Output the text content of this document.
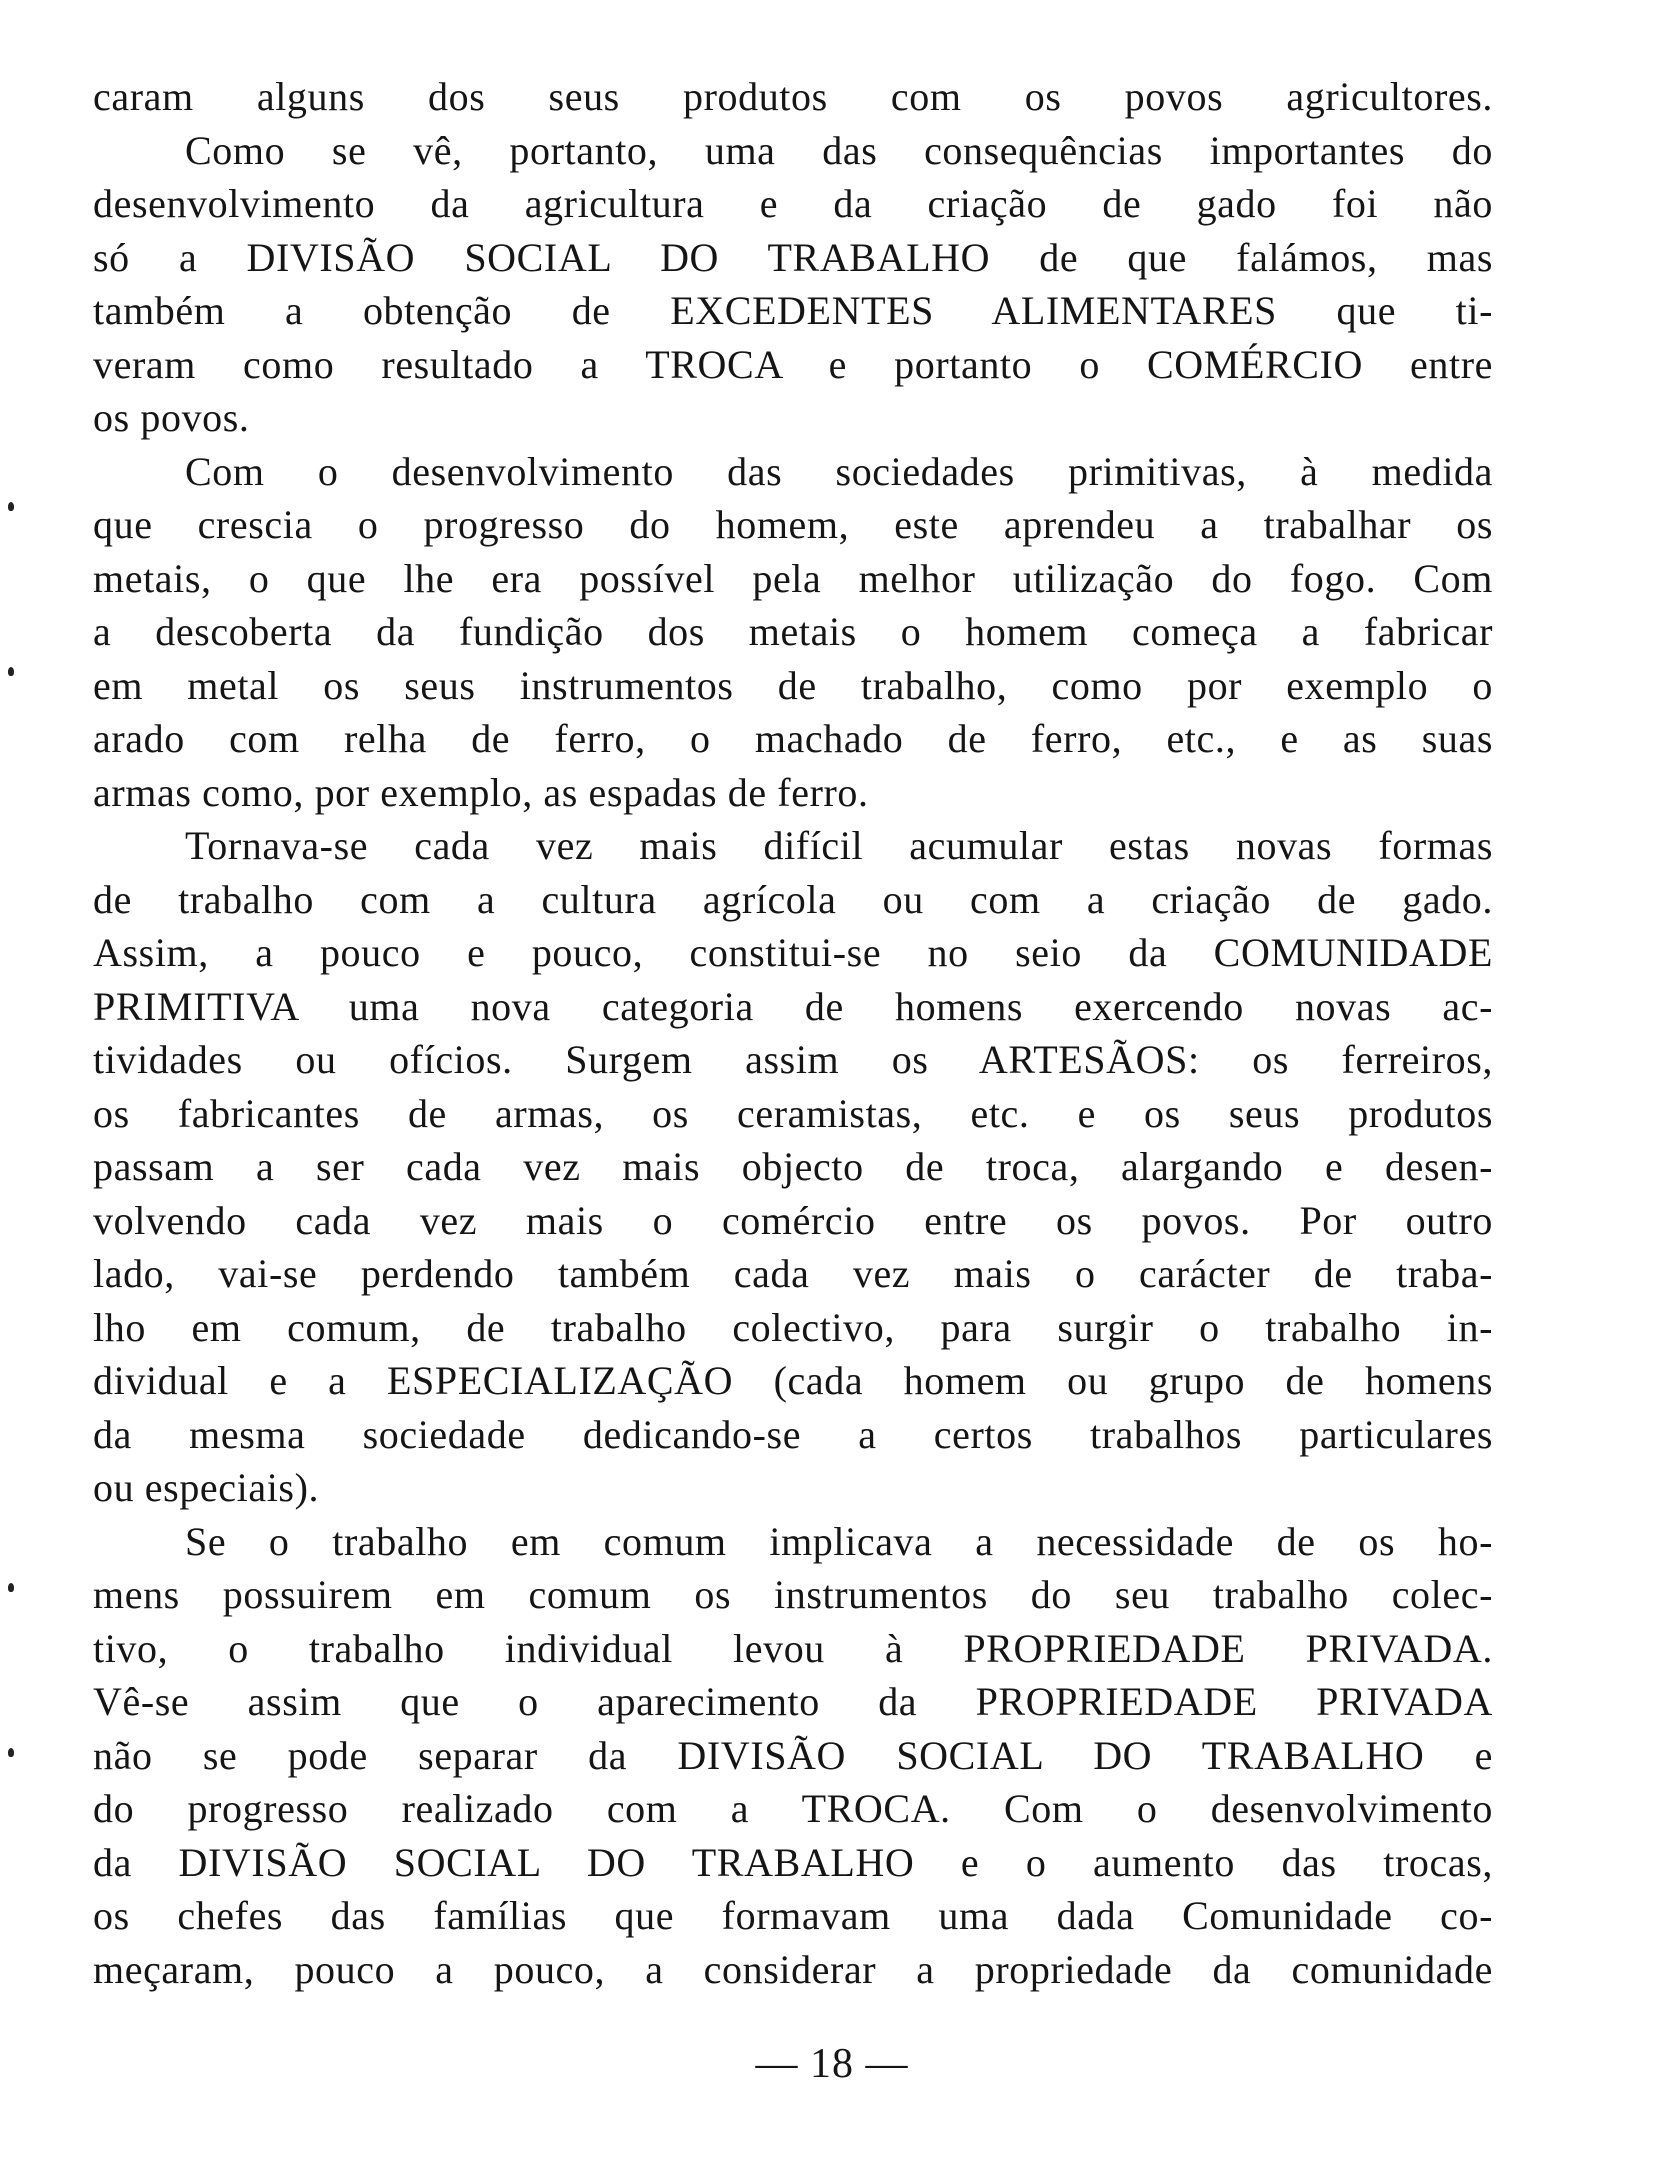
caram alguns dos seus produtos com os povos agricultores.
Como se vê, portanto, uma das consequências importantes do
desenvolvimento da agricultura e da criação de gado foi não
só a DIVISÃO SOCIAL DO TRABALHO de que falámos, mas
também a obtenção de EXCEDENTES ALIMENTARES que ti-
veram como resultado a TROCA e portanto o COMÉRCIO entre
os povos.
Com o desenvolvimento das sociedades primitivas, à medida
que crescia o progresso do homem, este aprendeu a trabalhar os
metais, o que lhe era possível pela melhor utilização do fogo. Com
a descoberta da fundição dos metais o homem começa a fabricar
em metal os seus instrumentos de trabalho, como por exemplo o
arado com relha de ferro, o machado de ferro, etc., e as suas
armas como, por exemplo, as espadas de ferro.
Tornava-se cada vez mais difícil acumular estas novas formas
de trabalho com a cultura agrícola ou com a criação de gado.
Assim, a pouco e pouco, constitui-se no seio da COMUNIDADE
PRIMITIVA uma nova categoria de homens exercendo novas ac-
tividades ou ofícios. Surgem assim os ARTESÃOS: os ferreiros,
os fabricantes de armas, os ceramistas, etc. e os seus produtos
passam a ser cada vez mais objecto de troca, alargando e desen-
volvendo cada vez mais o comércio entre os povos. Por outro
lado, vai-se perdendo também cada vez mais o carácter de traba-
lho em comum, de trabalho colectivo, para surgir o trabalho in-
dividual e a ESPECIALIZAÇÃO (cada homem ou grupo de homens
da mesma sociedade dedicando-se a certos trabalhos particulares
ou especiais).
Se o trabalho em comum implicava a necessidade de os ho-
mens possuirem em comum os instrumentos do seu trabalho colec-
tivo, o trabalho individual levou à PROPRIEDADE PRIVADA.
Vê-se assim que o aparecimento da PROPRIEDADE PRIVADA
não se pode separar da DIVISÃO SOCIAL DO TRABALHO e
do progresso realizado com a TROCA. Com o desenvolvimento
da DIVISÃO SOCIAL DO TRABALHO e o aumento das trocas,
os chefes das famílias que formavam uma dada Comunidade co-
meçaram, pouco a pouco, a considerar a propriedade da comunidade
— 18 —
